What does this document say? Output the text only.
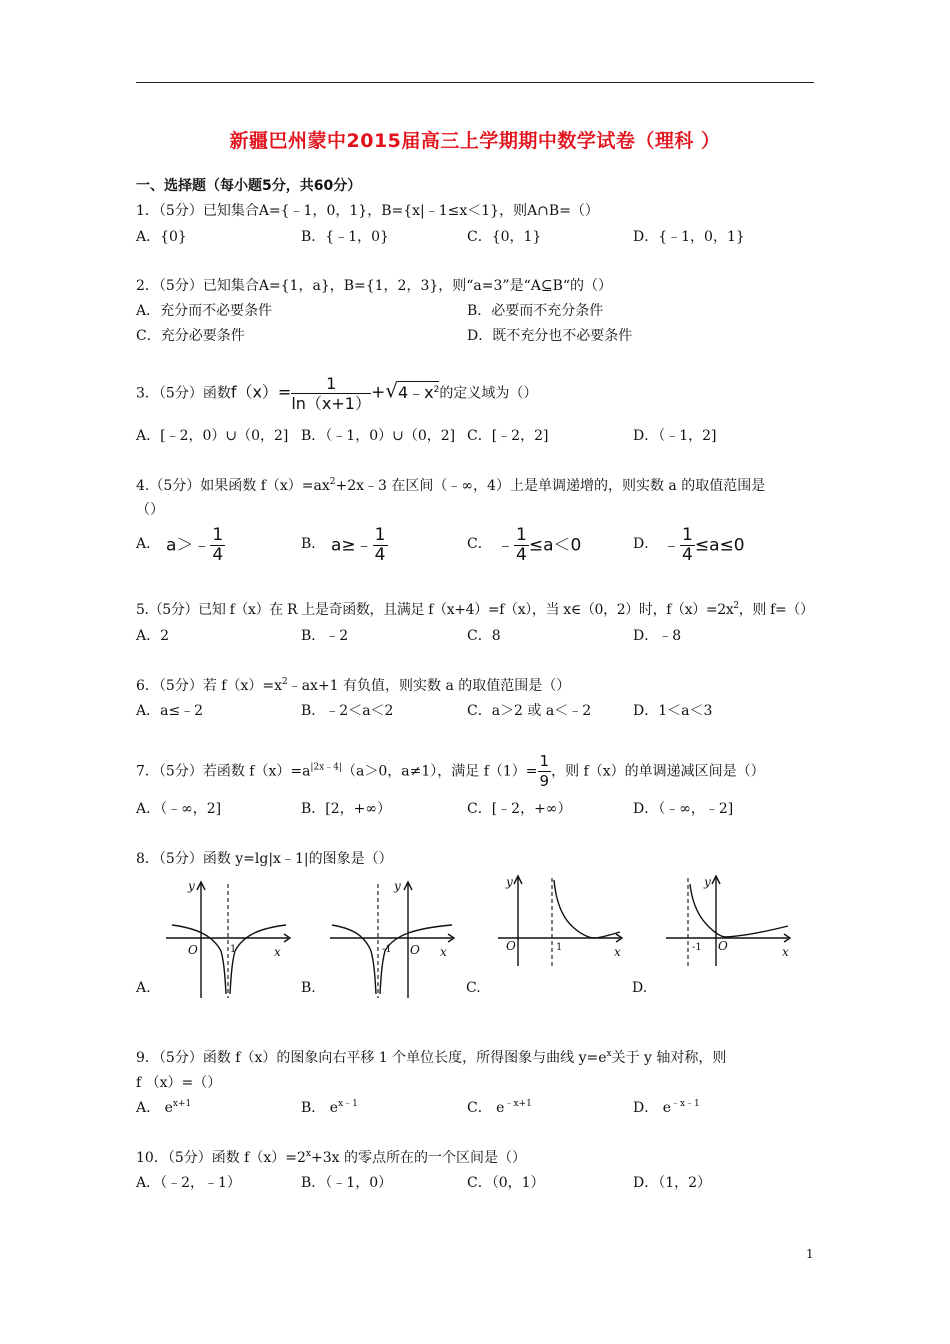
新疆巴州蒙中2015届高三上学期期中数学试卷（理科 ）
一、选择题（每小题5分，共60分）
1．（5分）已知集合A={﹣1，0，1}，B={x|﹣1≤x＜1}，则A∩B=（）
A．{0}	B．{﹣1，0}	C．{0，1}	D．{﹣1，0，1}
2．（5分）已知集合A={1，a}，B={1，2，3}，则“a=3”是“A⊆B“的（）
A．充分而不必要条件	B．必要而不充分条件
C．充分必要条件	D．既不充分也不必要条件
3．（5分）函数$f(x)= \frac{1}{\ln(x+1)}$ $+√4﹣x^2$的定义域为（）
A．[﹣2，0）∪（0，2] B．（﹣1，0）∪（0，2] C．[﹣2，2]	D．（﹣1，2]
4.（5分）如果函数 $f(x)=ax^2+2x﹣3$ 在区间（﹣∞，4）上是单调递增的，则实数 a 的取值范围是
（）
A． a＞﹣ $\frac{1}{4}$	B． a≥﹣ $\frac{1}{4}$	C． ﹣ $\frac{1}{4} \le a<0$	D． ﹣ $\frac{1}{4} \le a\le 0$
5.（5分）已知 f（x）在 R 上是奇函数，且满足 f（x+4）=f（x），当 x∈（0，2）时，$f(x)=2x^2$，则 f=（）
A．2	B．﹣2	C．8	D．﹣8
6．（5分）若 $f(x)=x^2﹣ax+1$ 有负值，则实数 a 的取值范围是（）
A．a≤﹣2	B．﹣2＜a＜2	C．a＞2 或 a＜﹣2	D．1＜a＜3
7．（5分）若函数 $f(x)=a^{|2x﹣4|}(a>0$，a≠1），满足 $f(1)= \frac{1}{9}$ ，则 f（x）的单调递减区间是（）
A．（﹣∞，2]	B．[2，+∞）	C．[﹣2，+∞）	D．（﹣∞，﹣2]
8．（5分）函数 y=lg|x﹣1|的图象是（）
y
x
O	1
A.
y
x
O
-1
B.
y
x
O	1
C.
y
x
O
-1
D.
9．（5分）函数 f（x）的图象向右平移 1 个单位长度，所得图象与曲线 $y=e^x$关于 y 轴对称，则
f （x）=（）
A． $e^{x+1}$	B． $e^{x﹣1}$	C． $e^{﹣x+1}$	D． $e^{﹣x﹣1}$
10．（5分）函数 $f(x)=2^x+3x$ 的零点所在的一个区间是（）
A．（﹣2，﹣1）	B．（﹣1，0）	C．（0，1）	D．（1，2）
1
